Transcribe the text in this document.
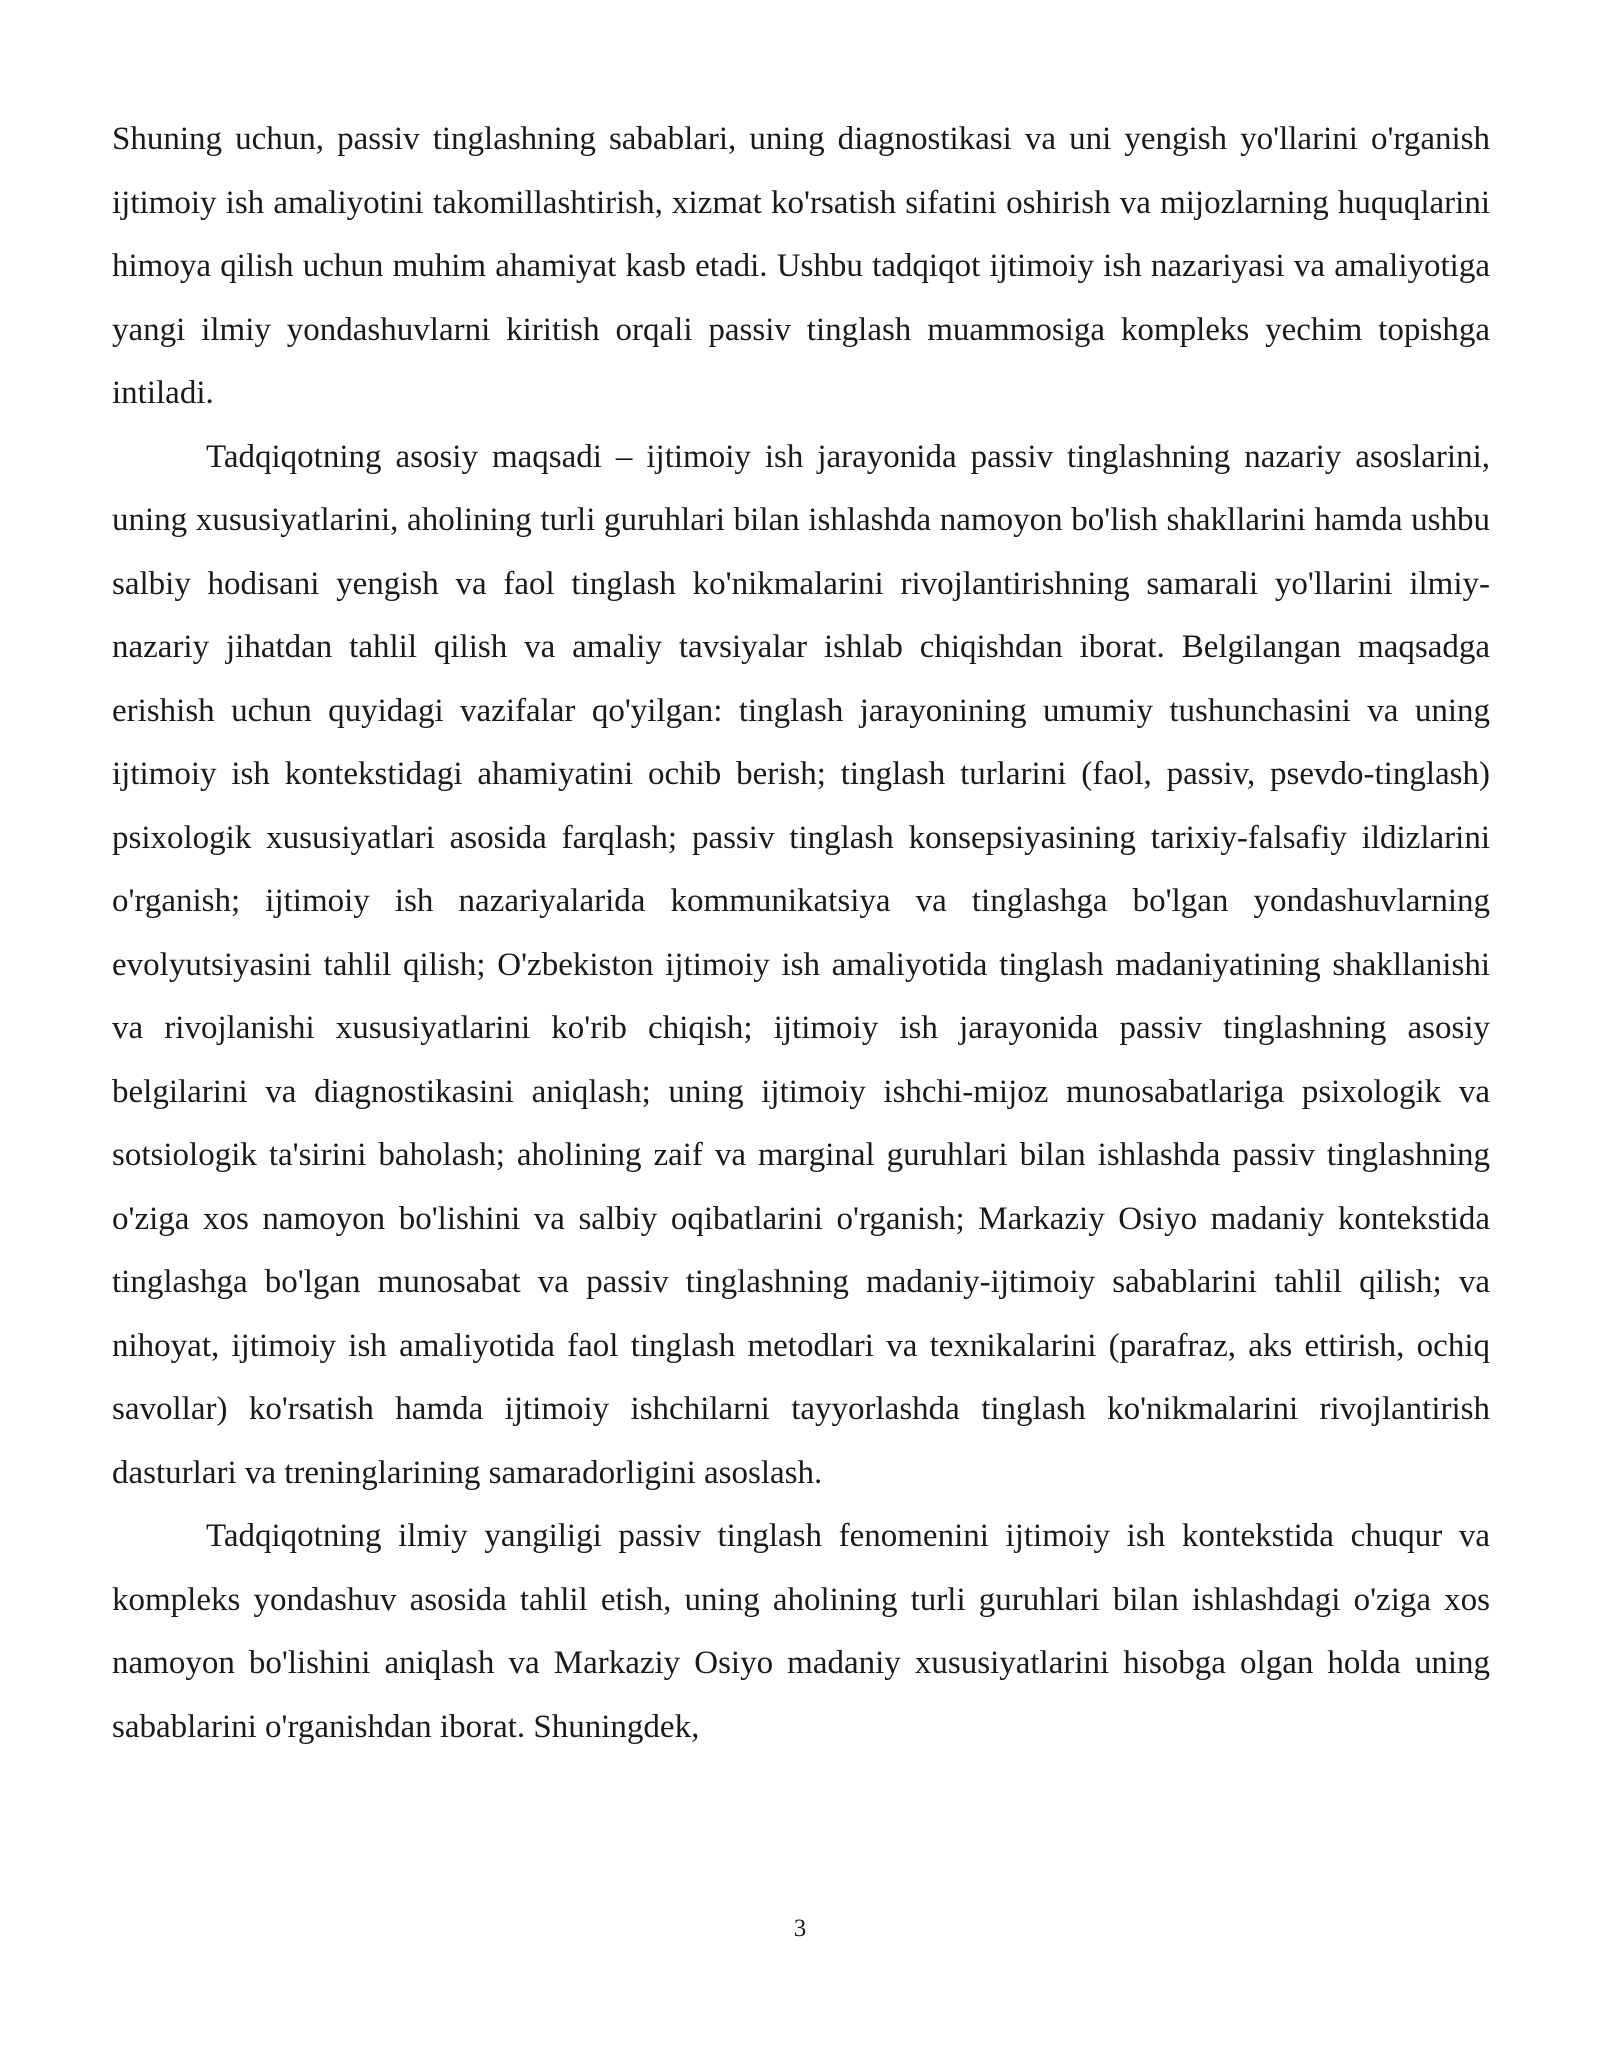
Shuning uchun, passiv tinglashning sabablari, uning diagnostikasi va uni yengish yo'llarini o'rganish ijtimoiy ish amaliyotini takomillashtirish, xizmat ko'rsatish sifatini oshirish va mijozlarning huquqlarini himoya qilish uchun muhim ahamiyat kasb etadi. Ushbu tadqiqot ijtimoiy ish nazariyasi va amaliyotiga yangi ilmiy yondashuvlarni kiritish orqali passiv tinglash muammosiga kompleks yechim topishga intiladi.

Tadqiqotning asosiy maqsadi – ijtimoiy ish jarayonida passiv tinglashning nazariy asoslarini, uning xususiyatlarini, aholining turli guruhlari bilan ishlashda namoyon bo'lish shakllarini hamda ushbu salbiy hodisani yengish va faol tinglash ko'nikmalarini rivojlantirishning samarali yo'llarini ilmiy-nazariy jihatdan tahlil qilish va amaliy tavsiyalar ishlab chiqishdan iborat. Belgilangan maqsadga erishish uchun quyidagi vazifalar qo'yilgan: tinglash jarayonining umumiy tushunchasini va uning ijtimoiy ish kontekstidagi ahamiyatini ochib berish; tinglash turlarini (faol, passiv, psevdo-tinglash) psixologik xususiyatlari asosida farqlash; passiv tinglash konsepsiyasining tarixiy-falsafiy ildizlarini o'rganish; ijtimoiy ish nazariyalarida kommunikatsiya va tinglashga bo'lgan yondashuvlarning evolyutsiyasini tahlil qilish; O'zbekiston ijtimoiy ish amaliyotida tinglash madaniyatining shakllanishi va rivojlanishi xususiyatlarini ko'rib chiqish; ijtimoiy ish jarayonida passiv tinglashning asosiy belgilarini va diagnostikasini aniqlash; uning ijtimoiy ishchi-mijoz munosabatlariga psixologik va sotsiologik ta'sirini baholash; aholining zaif va marginal guruhlari bilan ishlashda passiv tinglashning o'ziga xos namoyon bo'lishini va salbiy oqibatlarini o'rganish; Markaziy Osiyo madaniy kontekstida tinglashga bo'lgan munosabat va passiv tinglashning madaniy-ijtimoiy sabablarini tahlil qilish; va nihoyat, ijtimoiy ish amaliyotida faol tinglash metodlari va texnikalarini (parafraz, aks ettirish, ochiq savollar) ko'rsatish hamda ijtimoiy ishchilarni tayyorlashda tinglash ko'nikmalarini rivojlantirish dasturlari va treninglarining samaradorligini asoslash.

Tadqiqotning ilmiy yangiligi passiv tinglash fenomenini ijtimoiy ish kontekstida chuqur va kompleks yondashuv asosida tahlil etish, uning aholining turli guruhlari bilan ishlashdagi o'ziga xos namoyon bo'lishini aniqlash va Markaziy Osiyo madaniy xususiyatlarini hisobga olgan holda uning sabablarini o'rganishdan iborat. Shuningdek,

3
